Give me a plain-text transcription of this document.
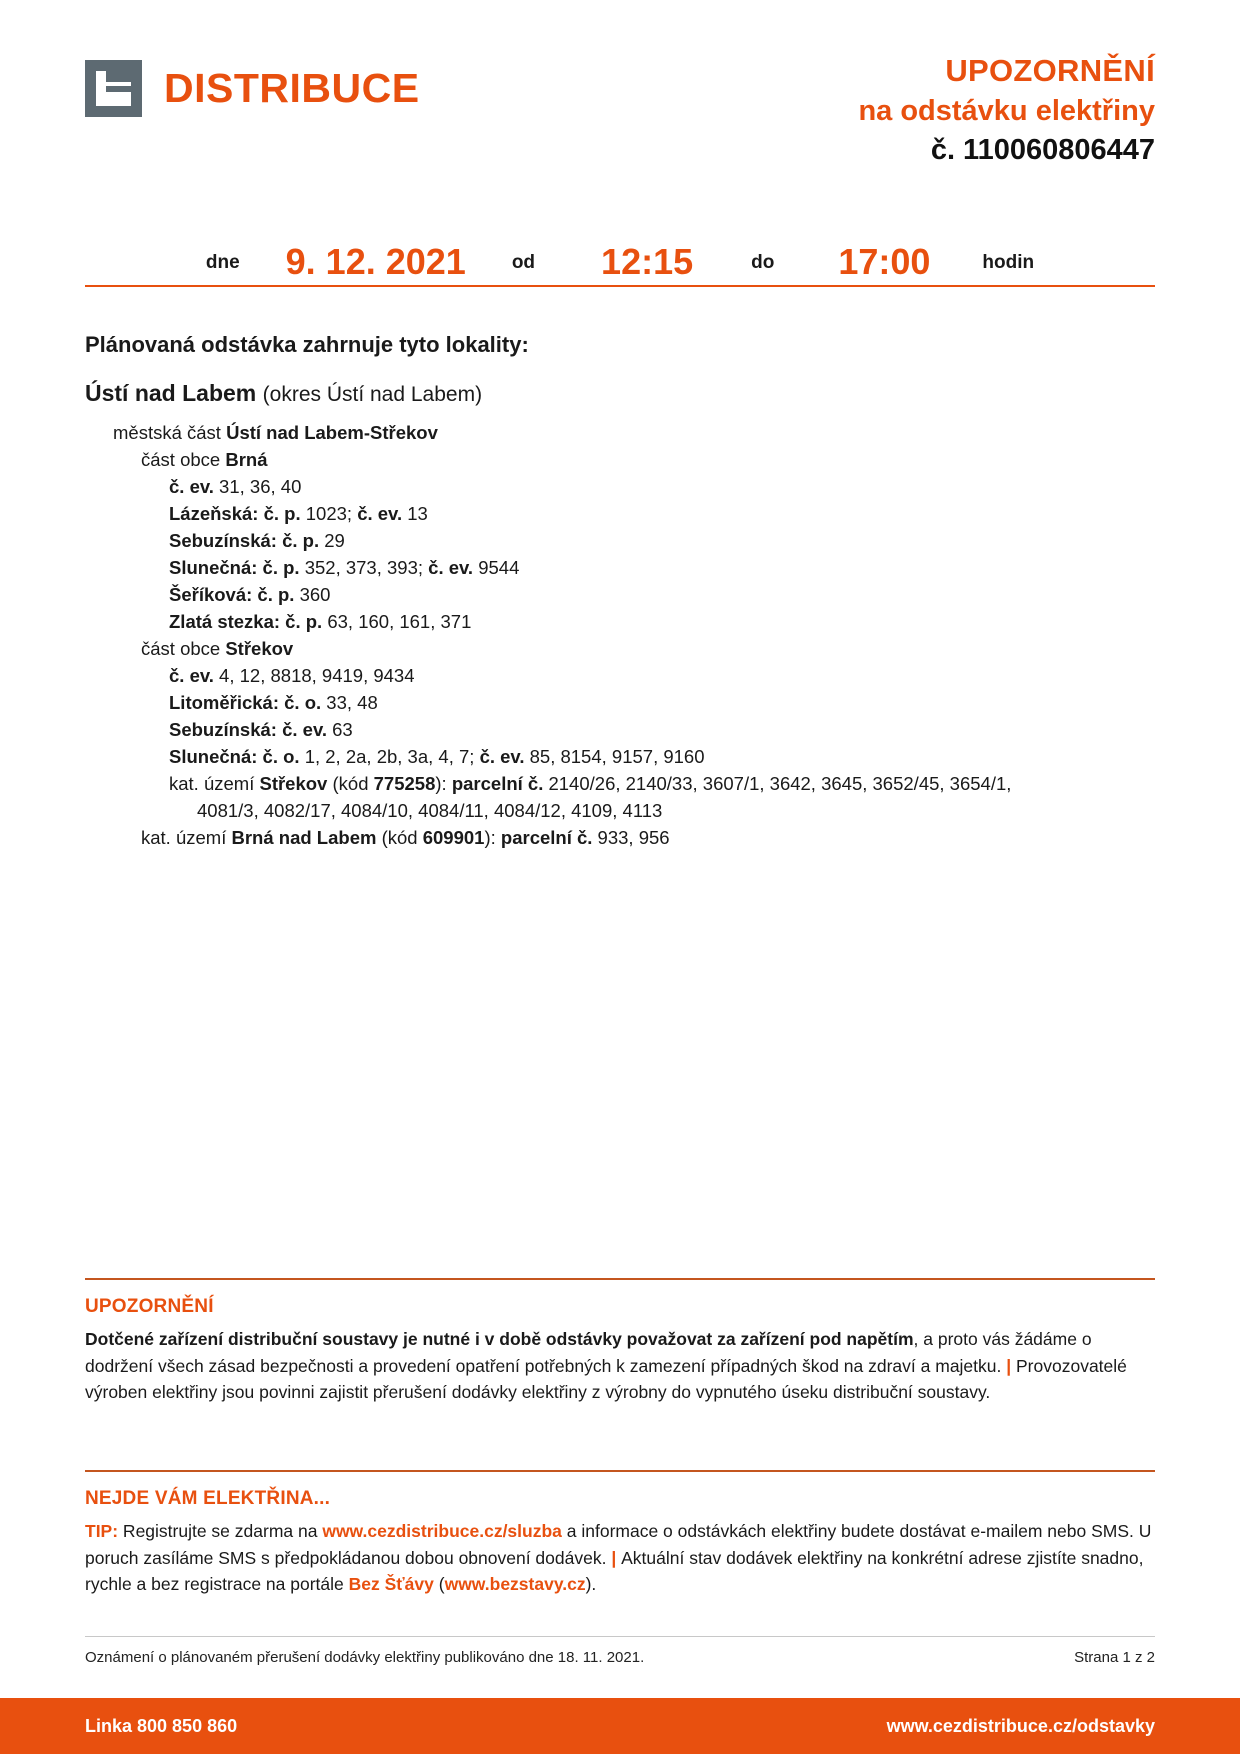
DISTRIBUCE	UPOZORNĚNÍ
na odstávku elektřiny
č. 110060806447
dne 9. 12. 2021 od 12:15	do 17:00	hodin
Plánovaná odstávka zahrnuje tyto lokality:
Ústí nad Labem (okres Ústí nad Labem)
městská část Ústí nad Labem-Střekov
část obce Brná
č. ev. 31, 36, 40
Lázeňská: č. p. 1023; č. ev. 13
Sebuzínská: č. p. 29
Slunečná: č. p. 352, 373, 393; č. ev. 9544
Šeříková: č. p. 360
Zlatá stezka: č. p. 63, 160, 161, 371
část obce Střekov
č. ev. 4, 12, 8818, 9419, 9434
Litoměřická: č. o. 33, 48
Sebuzínská: č. ev. 63
Slunečná: č. o. 1, 2, 2a, 2b, 3a, 4, 7; č. ev. 85, 8154, 9157, 9160
kat. území Střekov (kód 775258): parcelní č. 2140/26, 2140/33, 3607/1, 3642, 3645, 3652/45, 3654/1,
4081/3, 4082/17, 4084/10, 4084/11, 4084/12, 4109, 4113
kat. území Brná nad Labem (kód 609901): parcelní č. 933, 956
UPOZORNĚNÍ
Dotčené zařízení distribuční soustavy je nutné i v době odstávky považovat za zařízení pod napětím, a proto vás žádáme o dodržení všech zásad bezpečnosti a provedení opatření potřebných k zamezení případných škod na zdraví a majetku. | Provozovatelé výroben elektřiny jsou povinni zajistit přerušení dodávky elektřiny z výrobny do vypnutého úseku distribuční soustavy.
NEJDE VÁM ELEKTŘINA...
TIP: Registrujte se zdarma na www.cezdistribuce.cz/sluzba a informace o odstávkách elektřiny budete dostávat e-mailem nebo SMS. U poruch zasíláme SMS s předpokládanou dobou obnovení dodávek. | Aktuální stav dodávek elektřiny na konkrétní adrese zjistíte snadno, rychle a bez registrace na portále Bez Šťávy (www.bezstavy.cz).
Oznámení o plánovaném přerušení dodávky elektřiny publikováno dne 18. 11. 2021.	Strana 1 z 2
Linka 800 850 860	www.cezdistribuce.cz/odstavky
